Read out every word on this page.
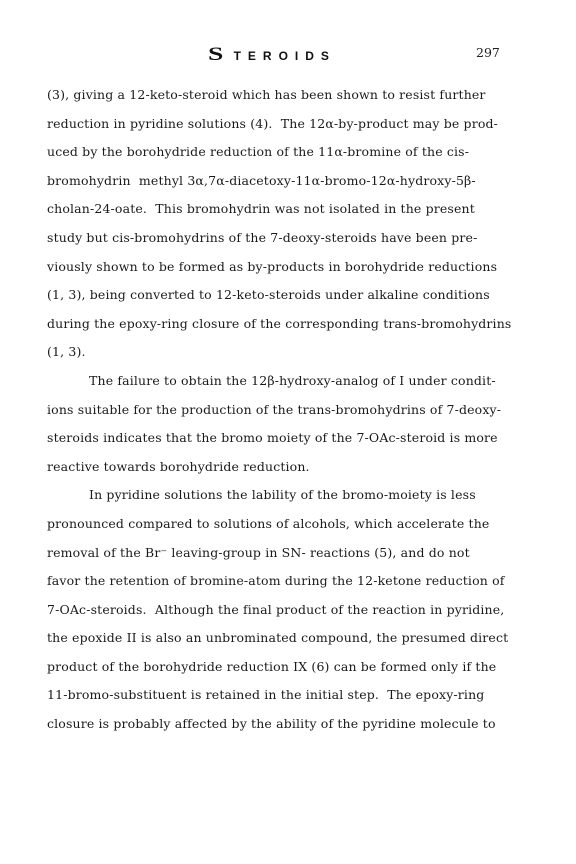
STEROIDS	297
(3), giving a 12-keto-steroid which has been shown to resist further
reduction in pyridine solutions (4).  The 12α-by-product may be prod-
uced by the borohydride reduction of the 11α-bromine of the cis-
bromohydrin  methyl 3α,7α-diacetoxy-11α-bromo-12α-hydroxy-5β-
cholan-24-oate.  This bromohydrin was not isolated in the present
study but cis-bromohydrins of the 7-deoxy-steroids have been pre-
viously shown to be formed as by-products in borohydride reductions
(1, 3), being converted to 12-keto-steroids under alkaline conditions
during the epoxy-ring closure of the corresponding trans-bromohydrins
(1, 3).
The failure to obtain the 12β-hydroxy-analog of I under condit-
ions suitable for the production of the trans-bromohydrins of 7-deoxy-
steroids indicates that the bromo moiety of the 7-OAc-steroid is more
reactive towards borohydride reduction.
In pyridine solutions the lability of the bromo-moiety is less
pronounced compared to solutions of alcohols, which accelerate the
removal of the Br⁻ leaving-group in SN- reactions (5), and do not
favor the retention of bromine-atom during the 12-ketone reduction of
7-OAc-steroids.  Although the final product of the reaction in pyridine,
the epoxide II is also an unbrominated compound, the presumed direct
product of the borohydride reduction IX (6) can be formed only if the
11-bromo-substituent is retained in the initial step.  The epoxy-ring
closure is probably affected by the ability of the pyridine molecule to
